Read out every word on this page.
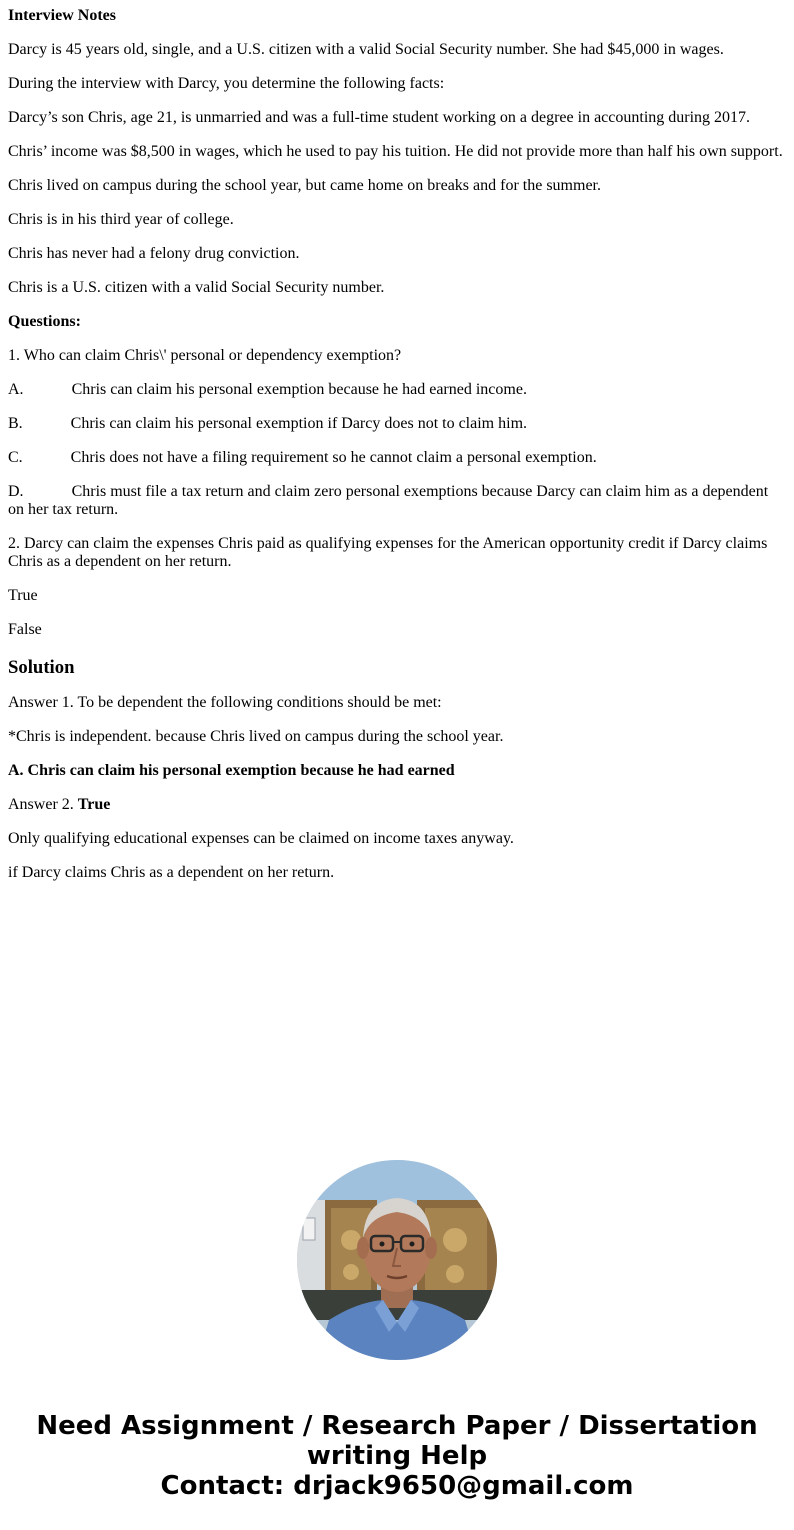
Interview Notes

Darcy is 45 years old, single, and a U.S. citizen with a valid Social Security number. She had $45,000 in wages.

During the interview with Darcy, you determine the following facts:

Darcy’s son Chris, age 21, is unmarried and was a full-time student working on a degree in accounting during 2017.

Chris’ income was $8,500 in wages, which he used to pay his tuition. He did not provide more than half his own support.

Chris lived on campus during the school year, but came home on breaks and for the summer.

Chris is in his third year of college.

Chris has never had a felony drug conviction.

Chris is a U.S. citizen with a valid Social Security number.

Questions:

1. Who can claim Chris\' personal or dependency exemption?

A.	Chris can claim his personal exemption because he had earned income.

B.	Chris can claim his personal exemption if Darcy does not to claim him.

C.	Chris does not have a filing requirement so he cannot claim a personal exemption.

D.	Chris must file a tax return and claim zero personal exemptions because Darcy can claim him as a dependent on her tax return.

2. Darcy can claim the expenses Chris paid as qualifying expenses for the American opportunity credit if Darcy claims Chris as a dependent on her return.

True

False

Solution

Answer 1. To be dependent the following conditions should be met:

*Chris is independent. because Chris lived on campus during the school year.

A. Chris can claim his personal exemption because he had earned

Answer 2. True

Only qualifying educational expenses can be claimed on income taxes anyway.

if Darcy claims Chris as a dependent on her return.

Need Assignment / Research Paper / Dissertation
writing Help
Contact: drjack9650@gmail.com
